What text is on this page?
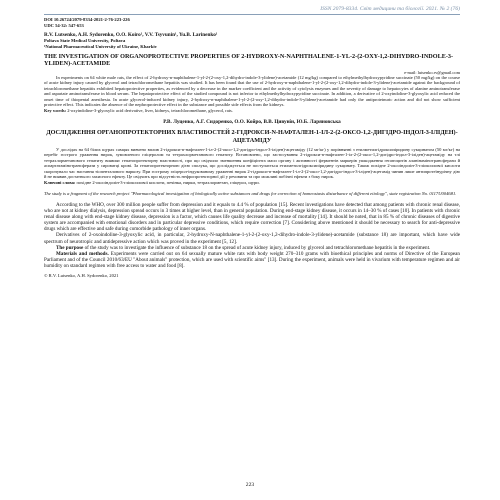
ISSN 2079-8334. Світ медицини та біології. 2021. № 2 (76)
DOI 10.26724/2079-8334-2021-2-76-223-226
UDC 54-32: 547-653
R.V. Lutsenko, A.H. Sydorenko, O.O. Koiro¹, V.V. Tsyvunin¹, Yu.B. Larinenko¹
Poltava State Medical University, Poltava
¹National Pharmaceutical University of Ukraine, Kharkiv
THE INVESTIGATION OF ORGANOPROTECTIVE PROPERTIES OF 2-HYDROXY-N-NAPHTHALENE-1-YL-2-(2-OXY-1,2-DIHYDRO-INDOLE-3-YLIDEN)-ACETAMIDE
e-mail: lutsenko.rv@gmail.com

In experiments on 64 white male rats, the effect of 2-hydroxy-n-naphthalene-1-yl-2-(2-oxy-1,2-dihydro-indole-3-ylidene)-acetamide (12 mg/kg) compared to ethylmethylhydroxypyridine succinate (50 mg/kg) on the course of acute kidney injury caused by glycerol and tetrachloromethane hepatitis was studied. It has been found that the use of 2-hydroxy-n-naphthalene-1-yl-2-(2-oxy-1,2-dihydro-indole-3-ylidene)-acetamide against the background of tetrachloromethane hepatitis exhibited hepatoprotective properties, as evidenced by a decrease in the marker coefficient and the activity of cytolysis enzymes and the severity of damage to hepatocytes of alanine aminotransferase and aspartate aminotransferase in blood serum. The hepatoprotective effect of the studied compound is not inferior to ethylmethylhydroxypyridine succinate. In addition, a derivative of 2-oxyindoline-3-glyoxylic acid reduced the onset time of thiopental anesthesia. In acute glycerol-induced kidney injury, 2-hydroxy-n-naphthalene-1-yl-2-(2-oxy-1,2-dihydro-indole-3-ylidene)-acetamide had only the antiproteinuric action and did not show sufficient protective effect. This indicates the absence of the nephroprotective effect in the substance and possible side effects from the kidneys.

Key words: 2-oxyindoline-3-glyoxylic acid derivative, liver, kidneys, tetrachloromethane, glycerol, rats.
Р.В. Луценко, А.Г. Сидоренко, О.О. Койро, В.В. Цивунін, Ю.Б. Ларяновська
ДОСЛІДЖЕННЯ ОРГАНОПРОТЕКТОРНИХ ВЛАСТИВОСТЕЙ 2-ГІДРОКСИ-N-НАФТАЛЕН-1-ІЛ-2-(2-ОКСО-1,2-ДИГІДРО-ІНДОЛ-3-ІЛІДЕН)-АЦЕТАМІДУ

У дослідах на 64 білих щурах самцях вивчено вплив 2-гідрокси-n-нафтален-1-іл-2-(2-оксо-1,2-дигідро-індол-3-іліден)-ацетаміду (12 мг/кг) у порівнянні з етилметилгідроксипіридину сукцинатом (50 мг/кг) на перебіг гострого ураження нирок, зумовленого гліцеролом та тетрахлорметанового гепатиту. Встановлено, що застосування 2-гідрокси-n-нафтален-1-іл-2-(2-оксо-1,2-дигідро-індол-3-іліден)-ацетаміду на тлі тетрахлорметанового гепатиту виявляє гепатопротекторну властивості, про що свідчило зменшення коефіцієнта маси органу і активності ферментів маркерів ушкодження гепатоцитів аланінамінотрансферази й аспартатамінотрансферази у сироватці крові. За гепатопротекторною дією сполука, що досліджується не поступається етилметилгідроксипіридину сукцинату. Також похідне 2-оксоіндолін-3-гліоксилової кислоти скорочувало час настання тіопенталового наркозу. При гострому гліцерол-індукованому ураженні нирок 2-гідрокси-n-нафтален-1-іл-2-(2-оксо-1,2-дигідро-індол-3-іліден)-ацетамід чинив лише антипротеїнурічну дію й не виявив достатнього захисного ефекту. Це свідчить про відсутність нефропротекторної дії у речовини та про можливі побічні ефекти з боку нирок.

Ключові слова: похідне 2-оксоіндолін-3-гліоксилової кислоти, печінка, нирки, тетрахлорметан, гліцерол, щури.
The study is a fragment of the research project "Pharmacological investigation of biologically active substances and drugs for correction of homeostasis disturbance of different etiology", state registration No. 0117U004681.

According to the WHO, over 300 million people suffer from depression and it equals to 4.4 % of population [15]. Recent investigations have detected that among patients with chronic renal disease, who are not at kidney dialysis, depression spread occurs in 3 times at higher level, than in general population. During end-stage kidney disease, it occurs in 14–30 % of cases [10]. In patients with chronic renal disease along with end-stage kidney disease, depression is a factor, which causes life quality decrease and increase of mortality [14]. It should be noted, that in 85 % of chronic diseases of digestive system are accompanied with emotional disorders and in particular depressive conditions, which require correction [7]. Considering above mentioned it should be necessary to search for anti-depressive drugs which are effective and safe during comorbide pathology of inner organs.

Derivatives of 2-oxoindoline-3-glyoxylic acid, in particular, 2-hydroxy-N-naphthalene-1-yl-2-(2-oxy-1,2-dihydro-indole-3-ylidene)-acetamide (substance 18) are important, which have wide spectrum of neurotropic and antidepressive action which was proved in the experiment [5, 12].

The purpose of the study was to investigate the influence of substance 18 on the spread of acute kidney injury, induced by glycerol and tetrachloromethane hepatitis in the experiment.

Materials and methods. Experiments were carried out on 64 sexually mature white rats with body weight 270–310 grams with bioethical principles and norms of Directive of the European Parliament and of the Council 2010/63/EU "About animals" protection, which are used with scientific aims" [13]. During the experiment, animals were held in vivarium with temperature regimen and air humidity on standard regimen with free access to water and food [8].

© R.V. Lutsenko, A.H. Sydorenko, 2021
223
